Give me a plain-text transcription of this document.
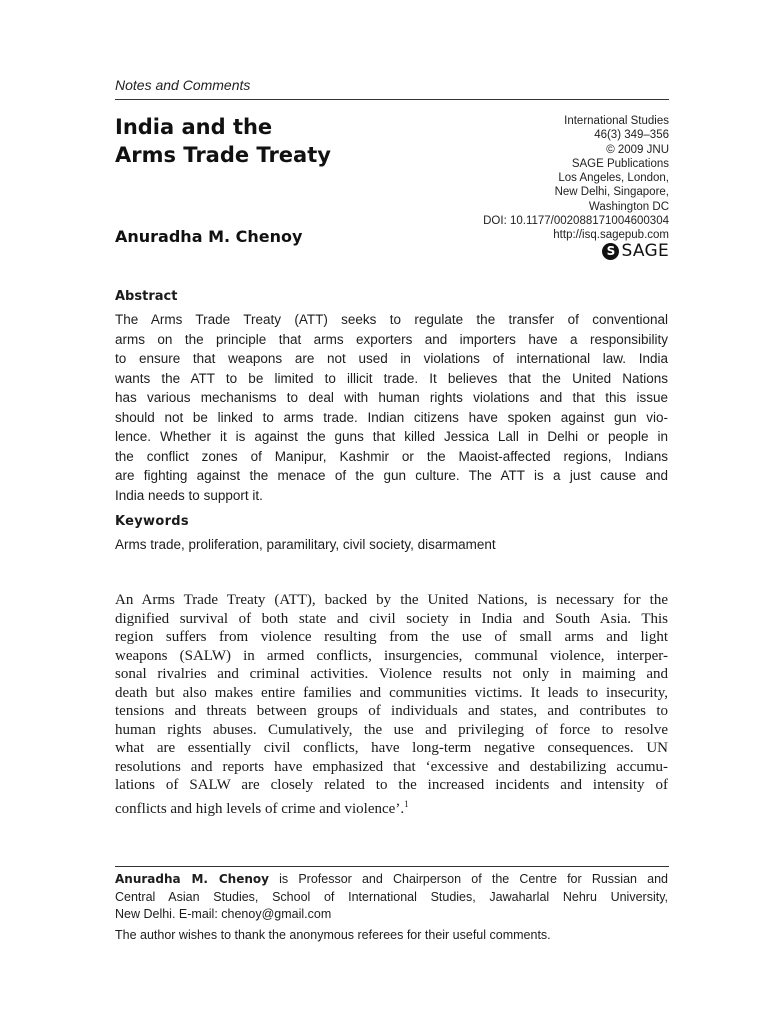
Notes and Comments
India and the
Arms Trade Treaty
International Studies
46(3) 349–356
© 2009 JNU
SAGE Publications
Los Angeles, London,
New Delhi, Singapore,
Washington DC
DOI: 10.1177/002088171004600304
http://isq.sagepub.com
S SAGE
Anuradha M. Chenoy
Abstract
The Arms Trade Treaty (ATT) seeks to regulate the transfer of conventional
arms on the principle that arms exporters and importers have a responsibility
to ensure that weapons are not used in violations of international law. India
wants the ATT to be limited to illicit trade. It believes that the United Nations
has various mechanisms to deal with human rights violations and that this issue
should not be linked to arms trade. Indian citizens have spoken against gun vio-
lence. Whether it is against the guns that killed Jessica Lall in Delhi or people in
the conflict zones of Manipur, Kashmir or the Maoist-affected regions, Indians
are fighting against the menace of the gun culture. The ATT is a just cause and
India needs to support it.
Keywords
Arms trade, proliferation, paramilitary, civil society, disarmament
An Arms Trade Treaty (ATT), backed by the United Nations, is necessary for the
dignified survival of both state and civil society in India and South Asia. This
region suffers from violence resulting from the use of small arms and light
weapons (SALW) in armed conflicts, insurgencies, communal violence, interper-
sonal rivalries and criminal activities. Violence results not only in maiming and
death but also makes entire families and communities victims. It leads to insecurity,
tensions and threats between groups of individuals and states, and contributes to
human rights abuses. Cumulatively, the use and privileging of force to resolve
what are essentially civil conflicts, have long-term negative consequences. UN
resolutions and reports have emphasized that ‘excessive and destabilizing accumu-
lations of SALW are closely related to the increased incidents and intensity of
conflicts and high levels of crime and violence’.$^1$
Anuradha M. Chenoy is Professor and Chairperson of the Centre for Russian and
Central Asian Studies, School of International Studies, Jawaharlal Nehru University,
New Delhi. E-mail: chenoy@gmail.com
The author wishes to thank the anonymous referees for their useful comments.
